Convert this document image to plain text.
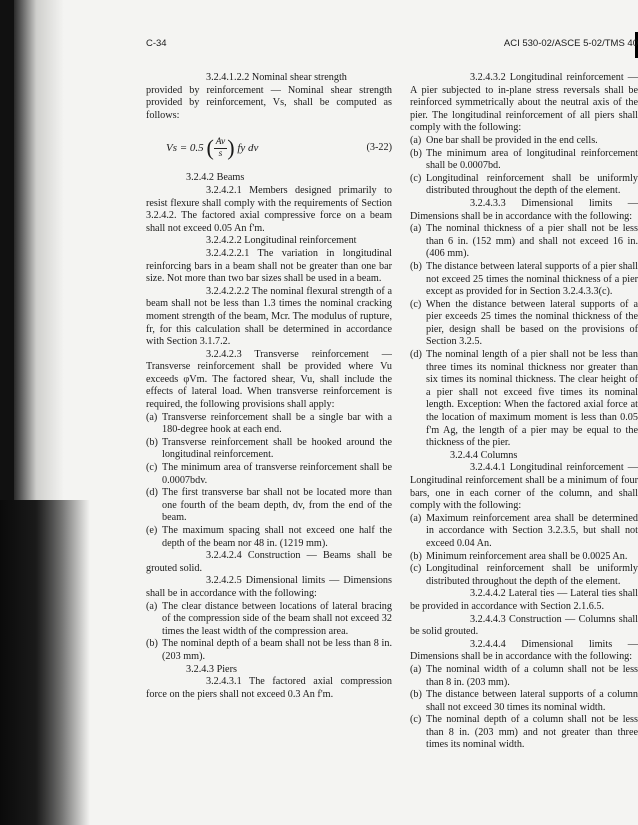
C-34	ACI 530-02/ASCE 5-02/TMS 40

3.2.4.1.2.2 Nominal shear strength

provided by reinforcement — Nominal shear strength provided by reinforcement, Vs, shall be computed as follows:

Vs = 0.5 ( $\frac{Av}{s}$) fy dv	(3-22)

3.2.4.2 Beams

3.2.4.2.1 Members designed primarily to resist flexure shall comply with the requirements of Section 3.2.4.2. The factored axial compressive force on a beam shall not exceed 0.05 An f'm.

3.2.4.2.2 Longitudinal reinforcement

3.2.4.2.2.1 The variation in longitudinal reinforcing bars in a beam shall not be greater than one bar size. Not more than two bar sizes shall be used in a beam.

3.2.4.2.2.2 The nominal flexural strength of a beam shall not be less than 1.3 times the nominal cracking moment strength of the beam, Mcr. The modulus of rupture, fr, for this calculation shall be determined in accordance with Section 3.1.7.2.

3.2.4.2.3 Transverse reinforcement — Transverse reinforcement shall be provided where Vu exceeds φVm. The factored shear, Vu, shall include the effects of lateral load. When transverse reinforcement is required, the following provisions shall apply:

(a) Transverse reinforcement shall be a single bar with a 180-degree hook at each end.

(b) Transverse reinforcement shall be hooked around the longitudinal reinforcement.

(c) The minimum area of transverse reinforcement shall be 0.0007bdv.

(d) The first transverse bar shall not be located more than one fourth of the beam depth, dv, from the end of the beam.

(e) The maximum spacing shall not exceed one half the depth of the beam nor 48 in. (1219 mm).

3.2.4.2.4 Construction — Beams shall be grouted solid.

3.2.4.2.5 Dimensional limits — Dimensions shall be in accordance with the following:

(a) The clear distance between locations of lateral bracing of the compression side of the beam shall not exceed 32 times the least width of the compression area.

(b) The nominal depth of a beam shall not be less than 8 in. (203 mm).

3.2.4.3 Piers

3.2.4.3.1 The factored axial compression force on the piers shall not exceed 0.3 An f'm.

3.2.4.3.2 Longitudinal reinforcement — A pier subjected to in-plane stress reversals shall be reinforced symmetrically about the neutral axis of the pier. The longitudinal reinforcement of all piers shall comply with the following:

(a) One bar shall be provided in the end cells.

(b) The minimum area of longitudinal reinforcement shall be 0.0007bd.

(c) Longitudinal reinforcement shall be uniformly distributed throughout the depth of the element.

3.2.4.3.3 Dimensional limits — Dimensions shall be in accordance with the following:

(a) The nominal thickness of a pier shall not be less than 6 in. (152 mm) and shall not exceed 16 in. (406 mm).

(b) The distance between lateral supports of a pier shall not exceed 25 times the nominal thickness of a pier except as provided for in Section 3.2.4.3.3(c).

(c) When the distance between lateral supports of a pier exceeds 25 times the nominal thickness of the pier, design shall be based on the provisions of Section 3.2.5.

(d) The nominal length of a pier shall not be less than three times its nominal thickness nor greater than six times its nominal thickness. The clear height of a pier shall not exceed five times its nominal length. Exception: When the factored axial force at the location of maximum moment is less than 0.05 f'm Ag, the length of a pier may be equal to the thickness of the pier.

3.2.4.4 Columns

3.2.4.4.1 Longitudinal reinforcement — Longitudinal reinforcement shall be a minimum of four bars, one in each corner of the column, and shall comply with the following:

(a) Maximum reinforcement area shall be determined in accordance with Section 3.2.3.5, but shall not exceed 0.04 An.

(b) Minimum reinforcement area shall be 0.0025 An.

(c) Longitudinal reinforcement shall be uniformly distributed throughout the depth of the element.

3.2.4.4.2 Lateral ties — Lateral ties shall be provided in accordance with Section 2.1.6.5.

3.2.4.4.3 Construction — Columns shall be solid grouted.

3.2.4.4.4 Dimensional limits — Dimensions shall be in accordance with the following:

(a) The nominal width of a column shall not be less than 8 in. (203 mm).

(b) The distance between lateral supports of a column shall not exceed 30 times its nominal width.

(c) The nominal depth of a column shall not be less than 8 in. (203 mm) and not greater than three times its nominal width.
